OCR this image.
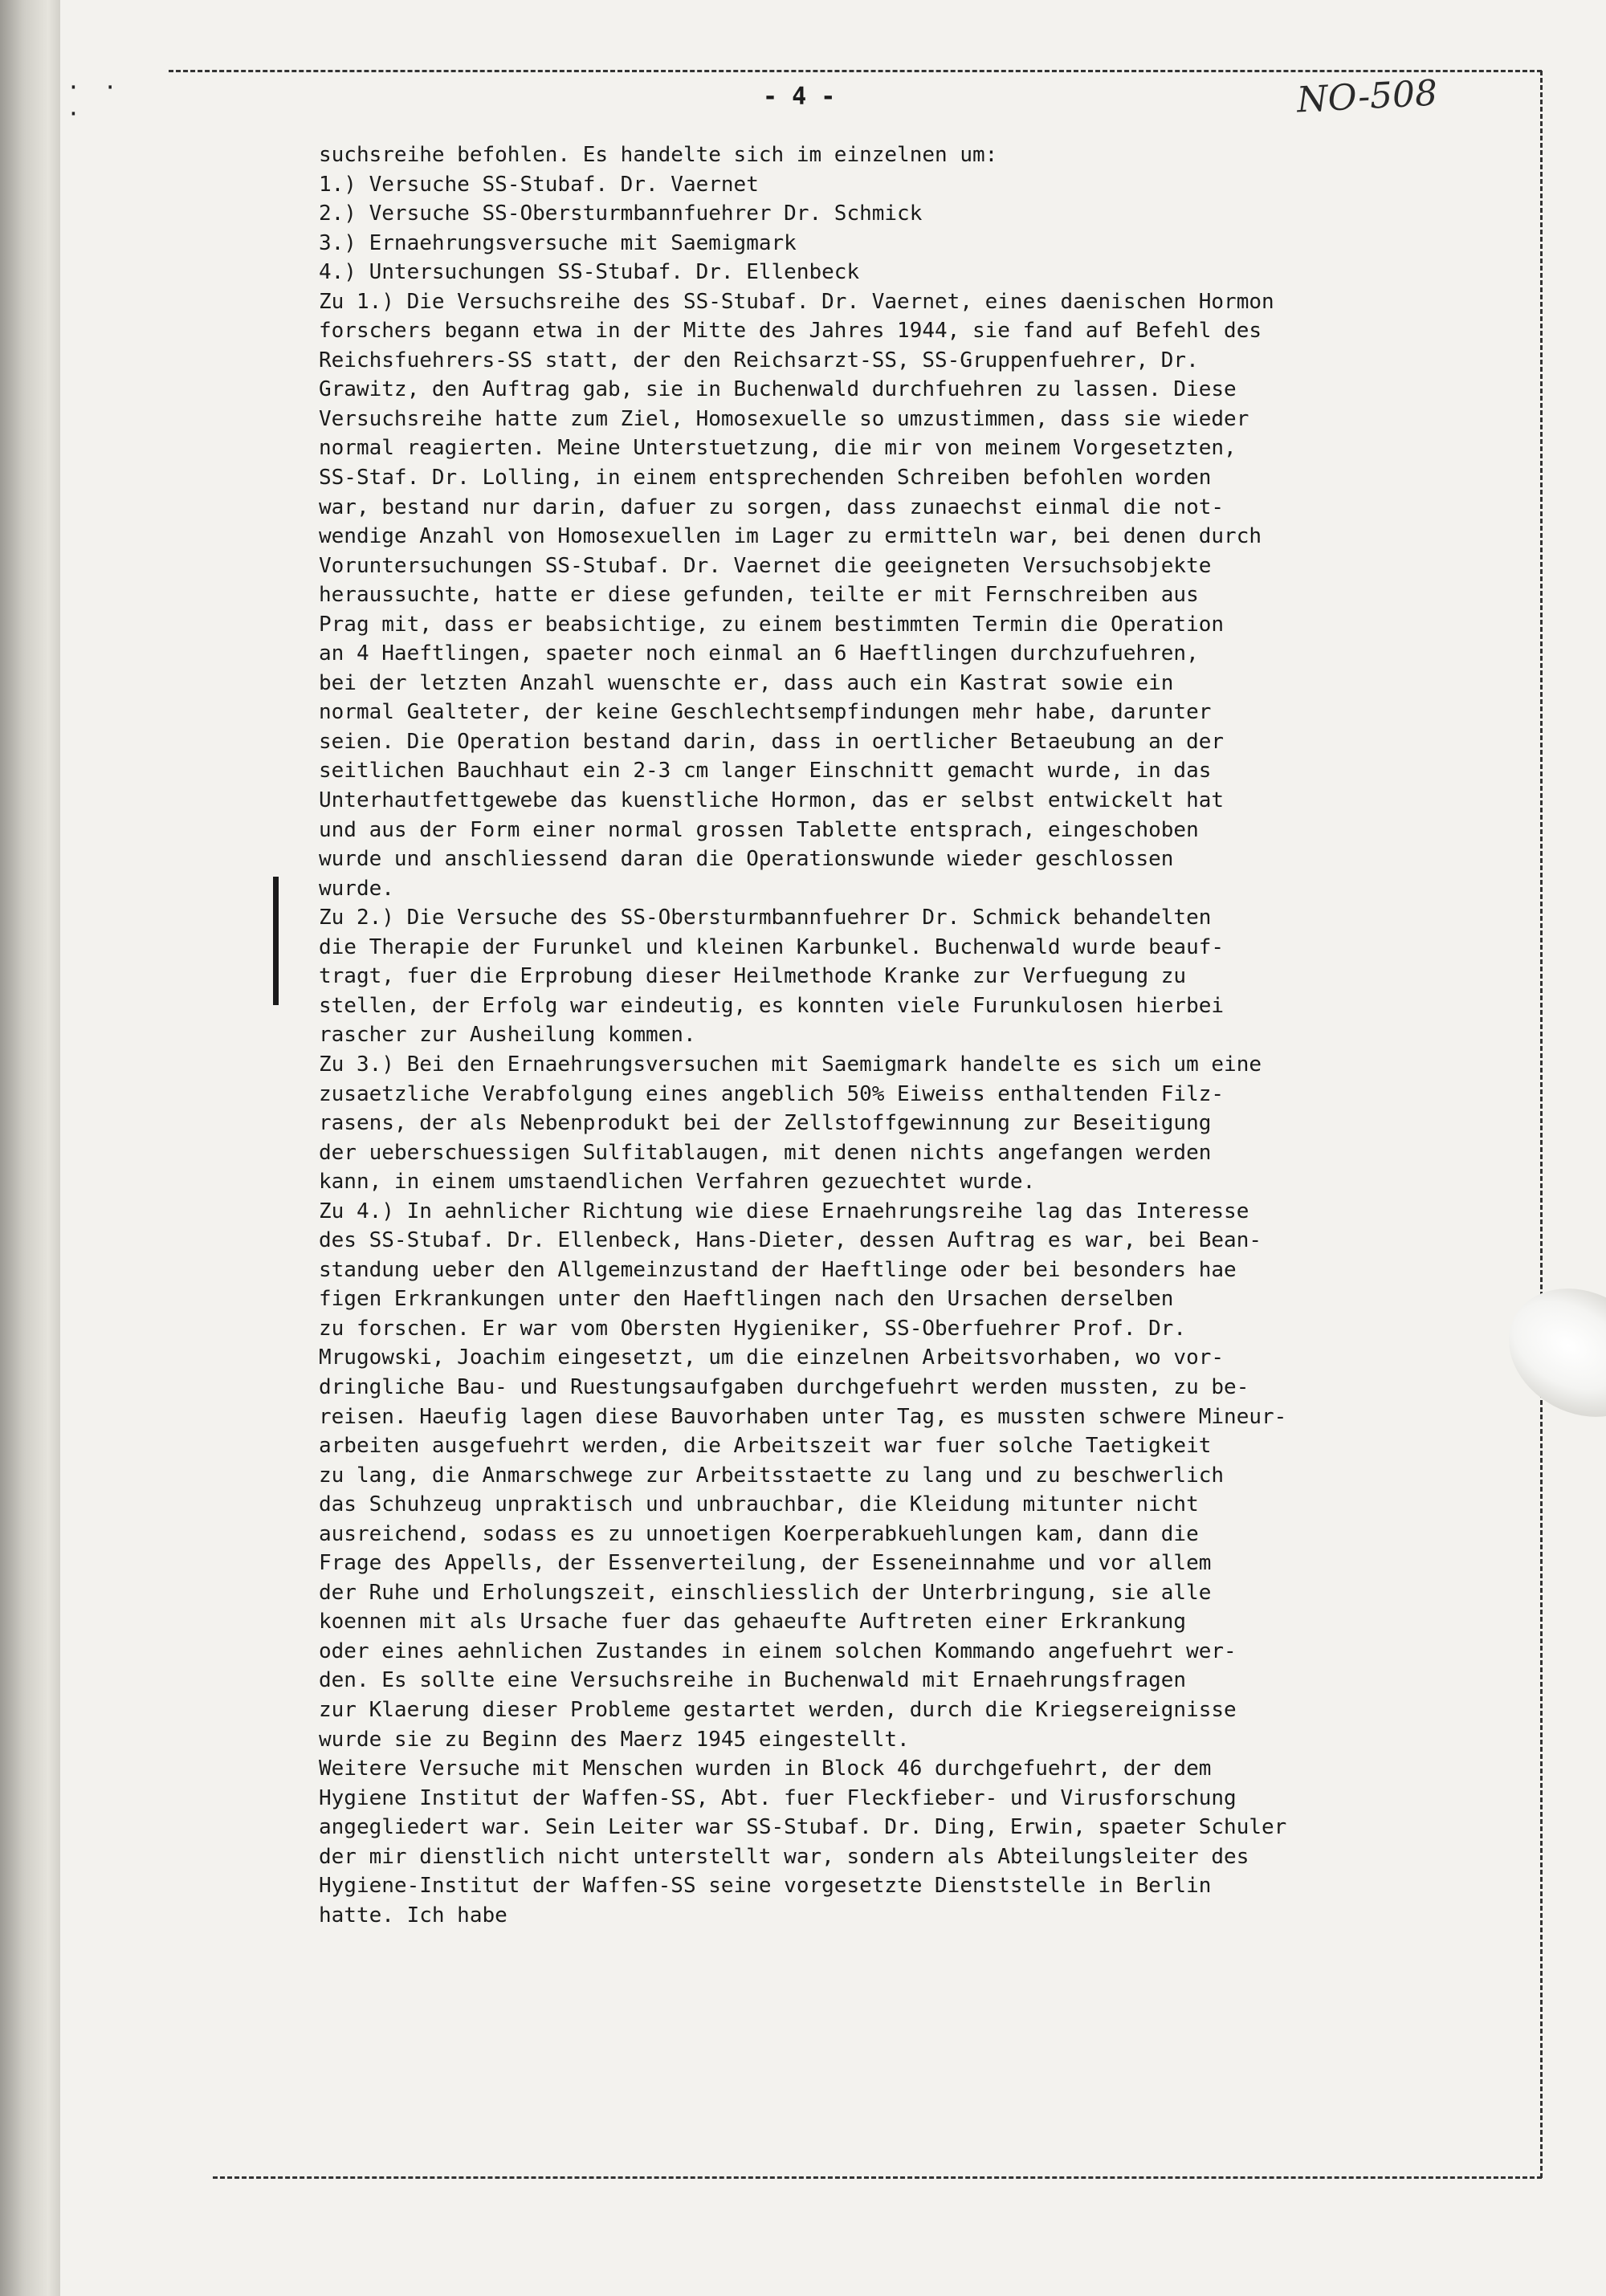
· · ·
- 4 -	NO-508
suchsreihe befohlen. Es handelte sich im einzelnen um:
1.) Versuche SS-Stubaf. Dr. Vaernet
2.) Versuche SS-Obersturmbannfuehrer Dr. Schmick
3.) Ernaehrungsversuche mit Saemigmark
4.) Untersuchungen SS-Stubaf. Dr. Ellenbeck
Zu 1.) Die Versuchsreihe des SS-Stubaf. Dr. Vaernet, eines daenischen Hormon
forschers begann etwa in der Mitte des Jahres 1944, sie fand auf Befehl des
Reichsfuehrers-SS statt, der den Reichsarzt-SS, SS-Gruppenfuehrer, Dr.
Grawitz, den Auftrag gab, sie in Buchenwald durchfuehren zu lassen. Diese
Versuchsreihe hatte zum Ziel, Homosexuelle so umzustimmen, dass sie wieder
normal reagierten. Meine Unterstuetzung, die mir von meinem Vorgesetzten,
SS-Staf. Dr. Lolling, in einem entsprechenden Schreiben befohlen worden
war, bestand nur darin, dafuer zu sorgen, dass zunaechst einmal die not-
wendige Anzahl von Homosexuellen im Lager zu ermitteln war, bei denen durch
Voruntersuchungen SS-Stubaf. Dr. Vaernet die geeigneten Versuchsobjekte
heraussuchte, hatte er diese gefunden, teilte er mit Fernschreiben aus
Prag mit, dass er beabsichtige, zu einem bestimmten Termin die Operation
an 4 Haeftlingen, spaeter noch einmal an 6 Haeftlingen durchzufuehren,
bei der letzten Anzahl wuenschte er, dass auch ein Kastrat sowie ein
normal Gealteter, der keine Geschlechtsempfindungen mehr habe, darunter
seien. Die Operation bestand darin, dass in oertlicher Betaeubung an der
seitlichen Bauchhaut ein 2-3 cm langer Einschnitt gemacht wurde, in das
Unterhautfettgewebe das kuenstliche Hormon, das er selbst entwickelt hat
und aus der Form einer normal grossen Tablette entsprach, eingeschoben
wurde und anschliessend daran die Operationswunde wieder geschlossen
wurde.
Zu 2.) Die Versuche des SS-Obersturmbannfuehrer Dr. Schmick behandelten
die Therapie der Furunkel und kleinen Karbunkel. Buchenwald wurde beauf-
tragt, fuer die Erprobung dieser Heilmethode Kranke zur Verfuegung zu
stellen, der Erfolg war eindeutig, es konnten viele Furunkulosen hierbei
rascher zur Ausheilung kommen.
Zu 3.) Bei den Ernaehrungsversuchen mit Saemigmark handelte es sich um eine
zusaetzliche Verabfolgung eines angeblich 50% Eiweiss enthaltenden Filz-
rasens, der als Nebenprodukt bei der Zellstoffgewinnung zur Beseitigung
der ueberschuessigen Sulfitablaugen, mit denen nichts angefangen werden
kann, in einem umstaendlichen Verfahren gezuechtet wurde.
Zu 4.) In aehnlicher Richtung wie diese Ernaehrungsreihe lag das Interesse
des SS-Stubaf. Dr. Ellenbeck, Hans-Dieter, dessen Auftrag es war, bei Bean-
standung ueber den Allgemeinzustand der Haeftlinge oder bei besonders hae
figen Erkrankungen unter den Haeftlingen nach den Ursachen derselben
zu forschen. Er war vom Obersten Hygieniker, SS-Oberfuehrer Prof. Dr.
Mrugowski, Joachim eingesetzt, um die einzelnen Arbeitsvorhaben, wo vor-
dringliche Bau- und Ruestungsaufgaben durchgefuehrt werden mussten, zu be-
reisen. Haeufig lagen diese Bauvorhaben unter Tag, es mussten schwere Mineur-
arbeiten ausgefuehrt werden, die Arbeitszeit war fuer solche Taetigkeit
zu lang, die Anmarschwege zur Arbeitsstaette zu lang und zu beschwerlich
das Schuhzeug unpraktisch und unbrauchbar, die Kleidung mitunter nicht
ausreichend, sodass es zu unnoetigen Koerperabkuehlungen kam, dann die
Frage des Appells, der Essenverteilung, der Esseneinnahme und vor allem
der Ruhe und Erholungszeit, einschliesslich der Unterbringung, sie alle
koennen mit als Ursache fuer das gehaeufte Auftreten einer Erkrankung
oder eines aehnlichen Zustandes in einem solchen Kommando angefuehrt wer-
den. Es sollte eine Versuchsreihe in Buchenwald mit Ernaehrungsfragen
zur Klaerung dieser Probleme gestartet werden, durch die Kriegsereignisse
wurde sie zu Beginn des Maerz 1945 eingestellt.
Weitere Versuche mit Menschen wurden in Block 46 durchgefuehrt, der dem
Hygiene Institut der Waffen-SS, Abt. fuer Fleckfieber- und Virusforschung
angegliedert war. Sein Leiter war SS-Stubaf. Dr. Ding, Erwin, spaeter Schuler
der mir dienstlich nicht unterstellt war, sondern als Abteilungsleiter des
Hygiene-Institut der Waffen-SS seine vorgesetzte Dienststelle in Berlin
hatte. Ich habe
